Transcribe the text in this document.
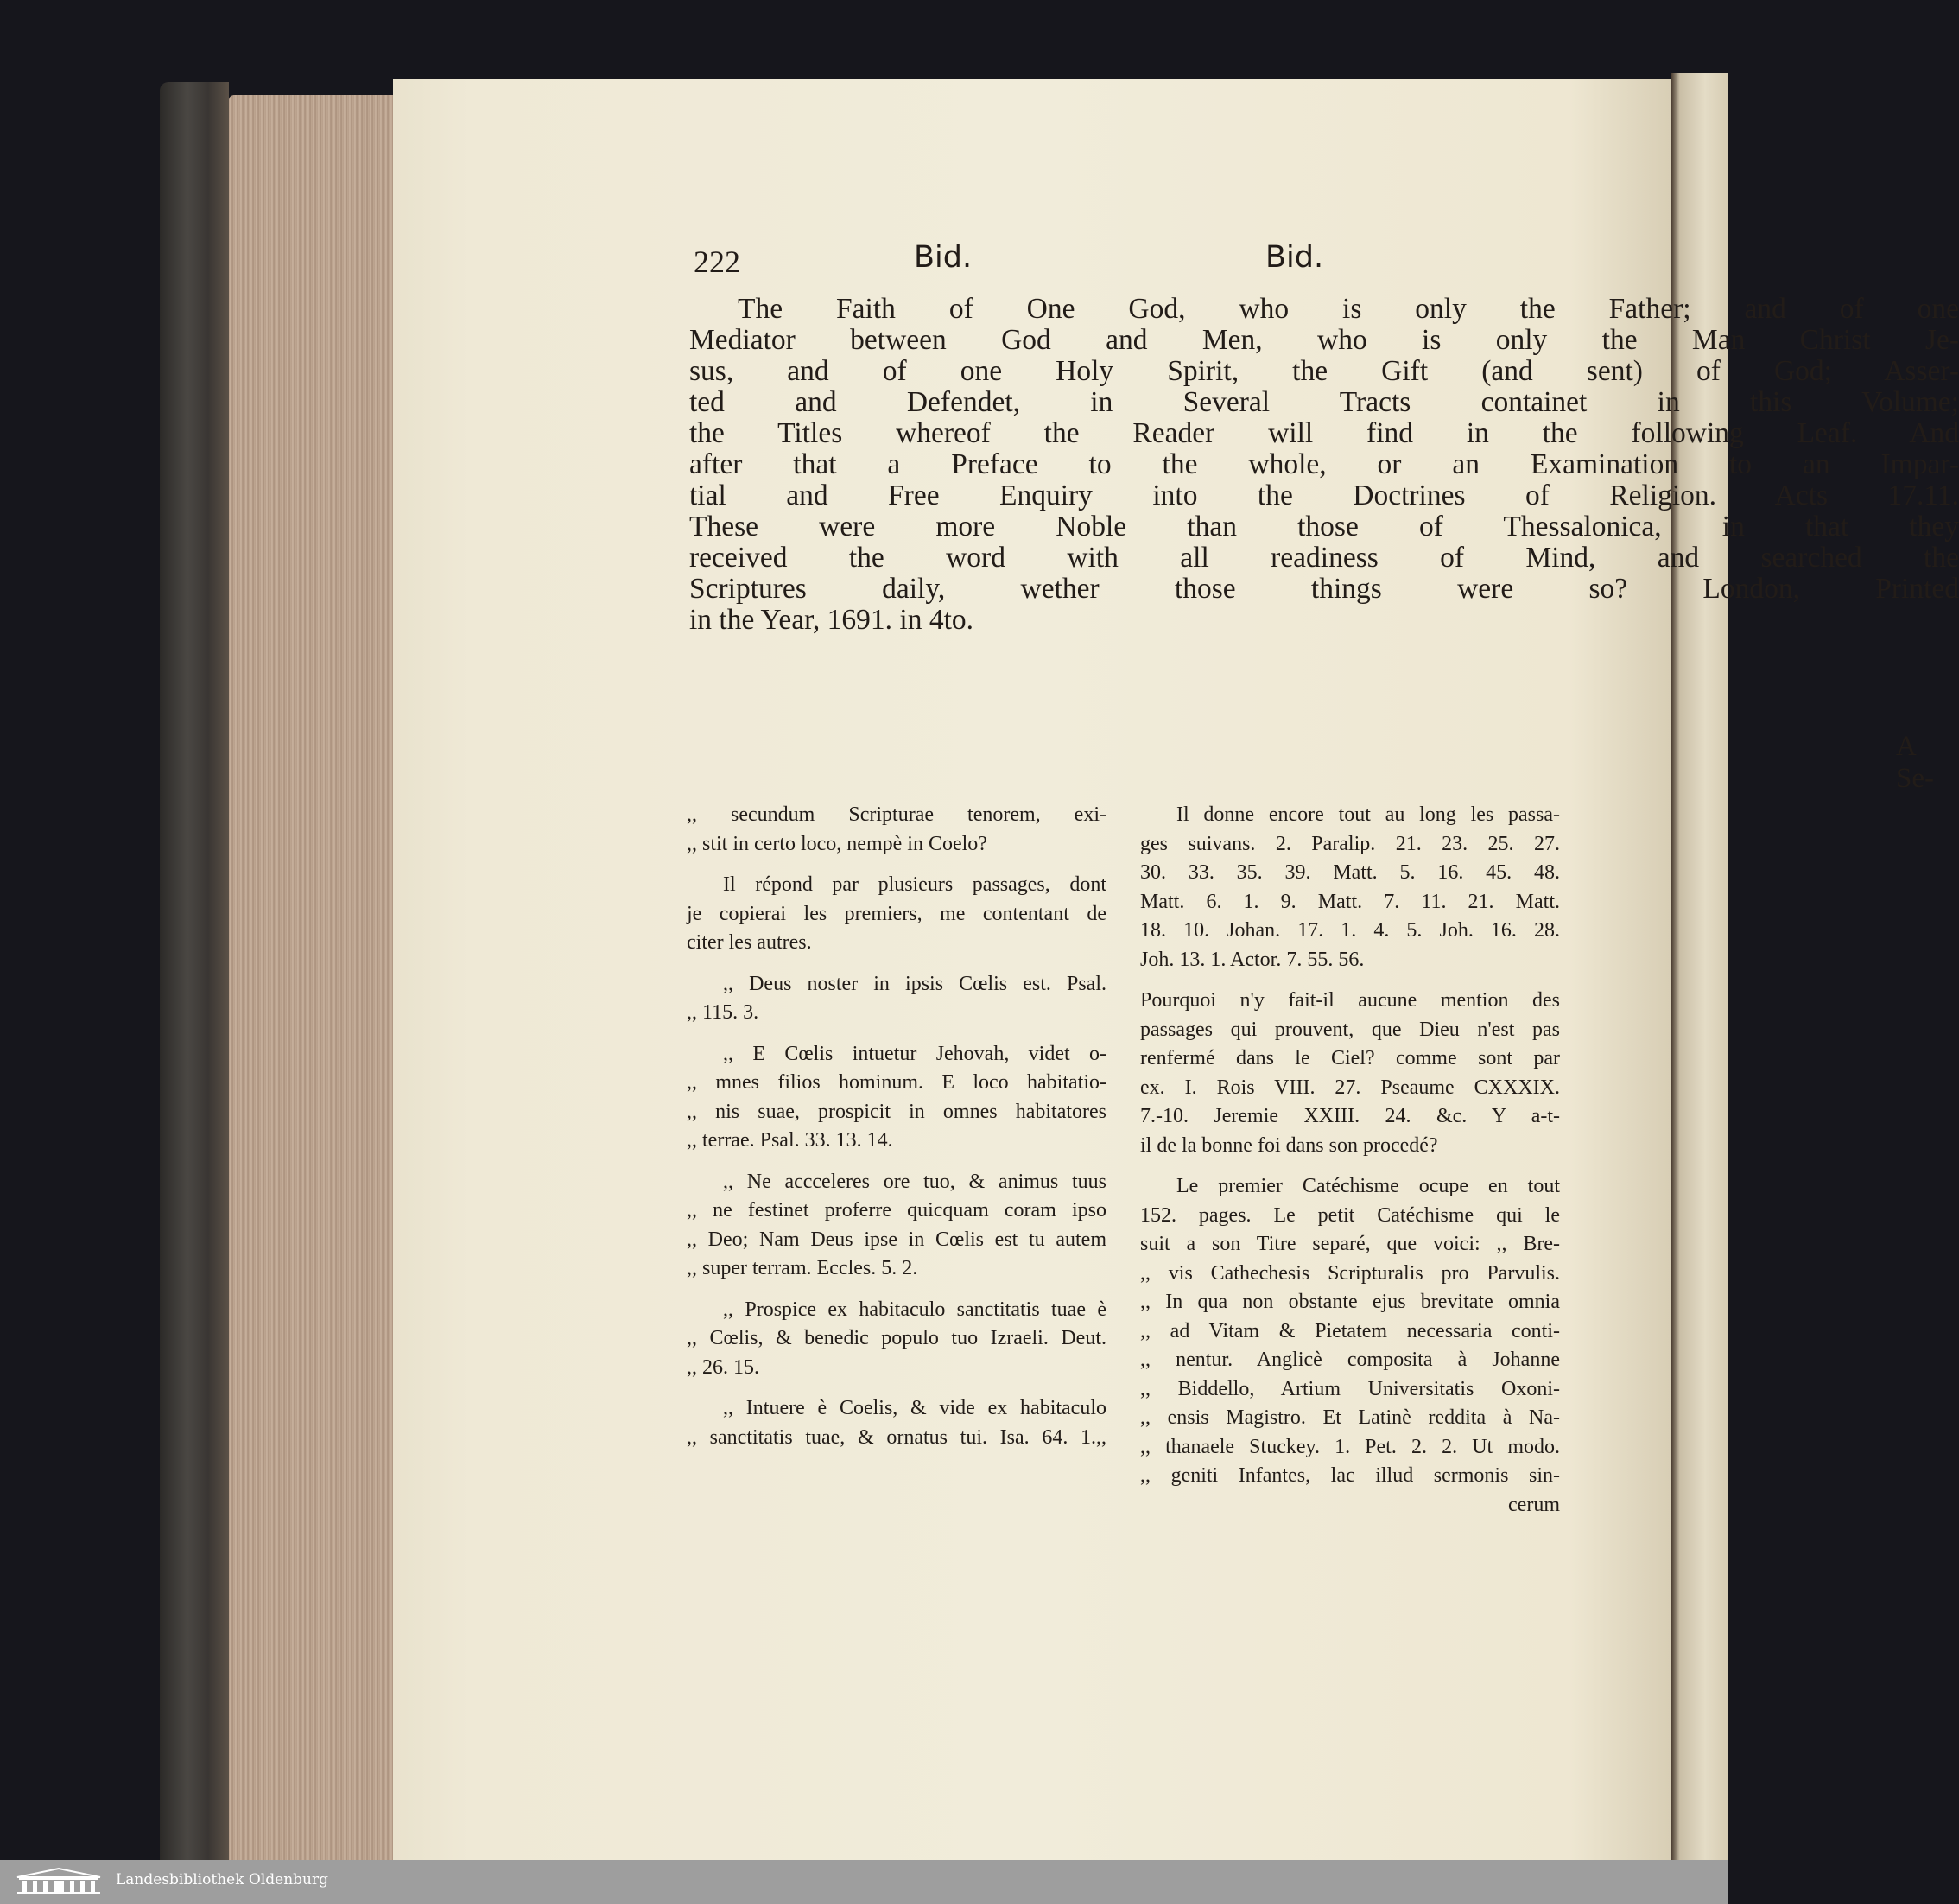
222	Bid.	Bid.
The Faith of One God, who is only the Father; and of one
Mediator between God and Men, who is only the Man Christ Je-
sus, and of one Holy Spirit, the Gift (and sent) of God; Asser-
ted and Defendet, in Several Tracts containet in this Volume;
the Titles whereof the Reader will find in the following Leaf. And
after that a Preface to the whole, or an Examination to an Impar-
tial and Free Enquiry into the Doctrines of Religion. Acts 17.11.
These were more Noble than those of Thessalonica, in that they
received the word with all readiness of Mind, and searched the
Scriptures daily, wether those things were so? London, Printed
in the Year, 1691. in 4to.
A Se-
,, secundum Scripturae tenorem, exi-
,, stit in certo loco, nempè in Coelo?
Il répond par plusieurs passages, dont
je copierai les premiers, me contentant de
citer les autres.
,, Deus noster in ipsis Cœlis est. Psal.
,, 115. 3.
,, E Cœlis intuetur Jehovah, videt o-
,, mnes filios hominum. E loco habitatio-
,, nis suae, prospicit in omnes habitatores
,, terrae. Psal. 33. 13. 14.
,, Ne accceleres ore tuo, & animus tuus
,, ne festinet proferre quicquam coram ipso
,, Deo; Nam Deus ipse in Cœlis est tu autem
,, super terram. Eccles. 5. 2.
,, Prospice ex habitaculo sanctitatis tuae è
,, Cœlis, & benedic populo tuo Izraeli. Deut.
,, 26. 15.
,, Intuere è Coelis, & vide ex habitaculo
,, sanctitatis tuae, & ornatus tui. Isa. 64. 1.,,
Il donne encore tout au long les passa-
ges suivans. 2. Paralip. 21. 23. 25. 27.
30. 33. 35. 39. Matt. 5. 16. 45. 48.
Matt. 6. 1. 9. Matt. 7. 11. 21. Matt.
18. 10. Johan. 17. 1. 4. 5. Joh. 16. 28.
Joh. 13. 1. Actor. 7. 55. 56.
Pourquoi n'y fait-il aucune mention des
passages qui prouvent, que Dieu n'est pas
renfermé dans le Ciel? comme sont par
ex. I. Rois VIII. 27. Pseaume CXXXIX.
7.-10. Jeremie XXIII. 24. &c. Y a-t-
il de la bonne foi dans son procedé?
Le premier Catéchisme ocupe en tout
152. pages. Le petit Catéchisme qui le
suit a son Titre separé, que voici: ,, Bre-
,, vis Cathechesis Scripturalis pro Parvulis.
,, In qua non obstante ejus brevitate omnia
,, ad Vitam & Pietatem necessaria conti-
,, nentur. Anglicè composita à Johanne
,, Biddello, Artium Universitatis Oxoni-
,, ensis Magistro. Et Latinè reddita à Na-
,, thanaele Stuckey. 1. Pet. 2. 2. Ut modo.
,, geniti Infantes, lac illud sermonis sin-
cerum
Landesbibliothek Oldenburg
